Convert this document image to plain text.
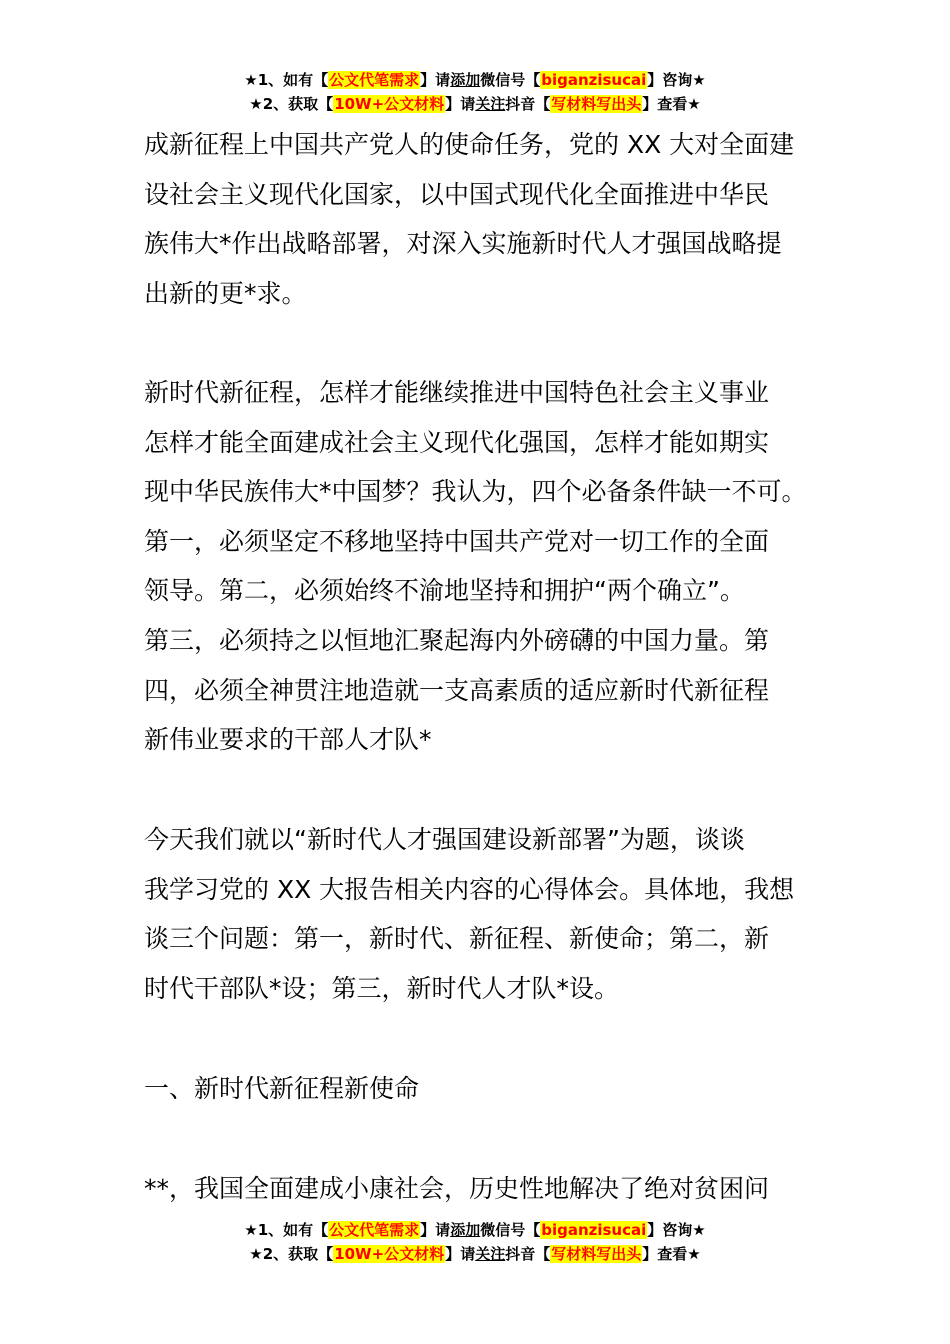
★1、如有【公文代笔需求】请添加微信号【biganzisucai】咨询★
★2、获取【10W+公文材料】请关注抖音【写材料写出头】查看★
成新征程上中国共产党人的使命任务，党的 XX 大对全面建
设社会主义现代化国家，以中国式现代化全面推进中华民
族伟大*作出战略部署，对深入实施新时代人才强国战略提
出新的更*求。
新时代新征程，怎样才能继续推进中国特色社会主义事业
怎样才能全面建成社会主义现代化强国，怎样才能如期实
现中华民族伟大*中国梦？我认为，四个必备条件缺一不可。
第一，必须坚定不移地坚持中国共产党对一切工作的全面
领导。第二，必须始终不渝地坚持和拥护“两个确立”。
第三，必须持之以恒地汇聚起海内外磅礴的中国力量。第
四，必须全神贯注地造就一支高素质的适应新时代新征程
新伟业要求的干部人才队*
今天我们就以“新时代人才强国建设新部署”为题，谈谈
我学习党的 XX 大报告相关内容的心得体会。具体地，我想
谈三个问题：第一，新时代、新征程、新使命；第二，新
时代干部队*设；第三，新时代人才队*设。
一、新时代新征程新使命
**，我国全面建成小康社会，历史性地解决了绝对贫困问
★1、如有【公文代笔需求】请添加微信号【biganzisucai】咨询★
★2、获取【10W+公文材料】请关注抖音【写材料写出头】查看★
